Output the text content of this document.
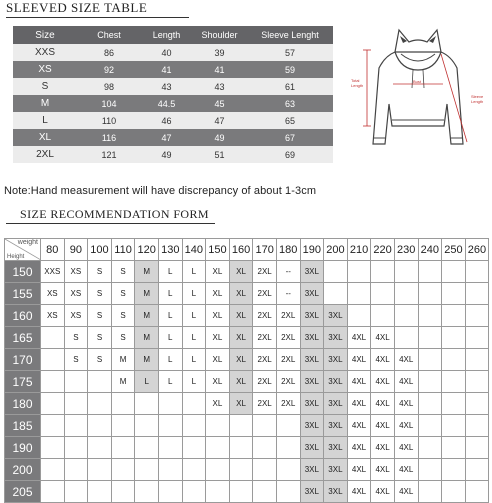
SLEEVED SIZE TABLE
Size	Chest	Length	Shoulder	Sleeve Lenght
XXS	86	40	39	57
XS	92	41	41	59
S	98	43	43	61
M	104	44.5	45	63
L	110	46	47	65
XL	116	47	49	67
2XL	121	49	51	69
Total
Length
Bust
Sleeve
Length
Note:Hand measurement will have discrepancy of about 1-3cm
SIZE RECOMMENDATION FORM
weight
Height	80	90	100	110	120	130	140	150	160	170	180	190	200	210	220	230	240	250	260
150	XXS	XS	S	S	M	L	L	XL	XL	2XL	--	3XL							
155	XS	XS	S	S	M	L	L	XL	XL	2XL	--	3XL							
160	XS	XS	S	S	M	L	L	XL	XL	2XL	2XL	3XL	3XL						
165		S	S	S	M	L	L	XL	XL	2XL	2XL	3XL	3XL	4XL	4XL				
170		S	S	M	M	L	L	XL	XL	2XL	2XL	3XL	3XL	4XL	4XL	4XL			
175				M	L	L	L	XL	XL	2XL	2XL	3XL	3XL	4XL	4XL	4XL			
180								XL	XL	2XL	2XL	3XL	3XL	4XL	4XL	4XL			
185												3XL	3XL	4XL	4XL	4XL			
190												3XL	3XL	4XL	4XL	4XL			
200												3XL	3XL	4XL	4XL	4XL			
205												3XL	3XL	4XL	4XL	4XL			
